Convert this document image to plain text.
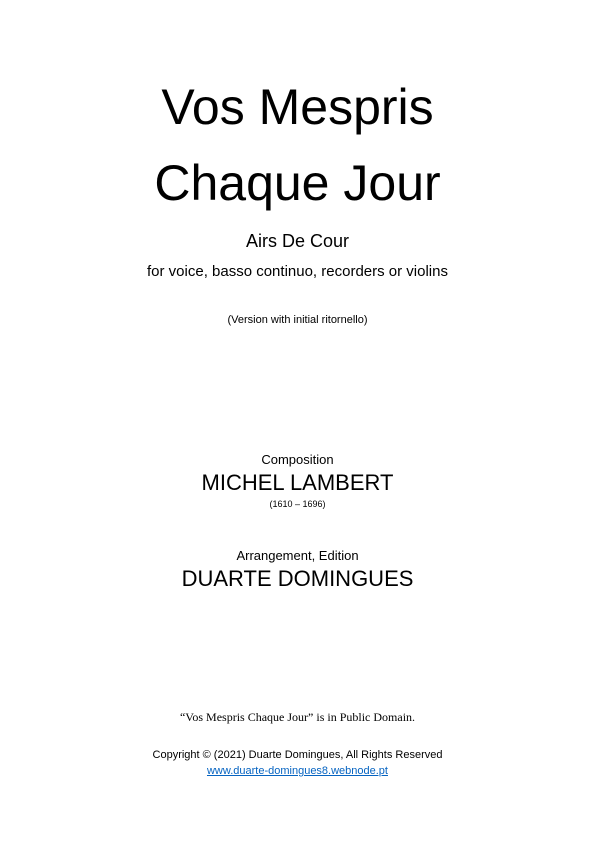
Vos Mespris
Chaque Jour
Airs De Cour
for voice, basso continuo, recorders or violins
(Version with initial ritornello)
Composition
MICHEL LAMBERT
(1610 – 1696)
Arrangement, Edition
DUARTE DOMINGUES
“Vos Mespris Chaque Jour” is in Public Domain.
Copyright © (2021) Duarte Domingues, All Rights Reserved
www.duarte-domingues8.webnode.pt
